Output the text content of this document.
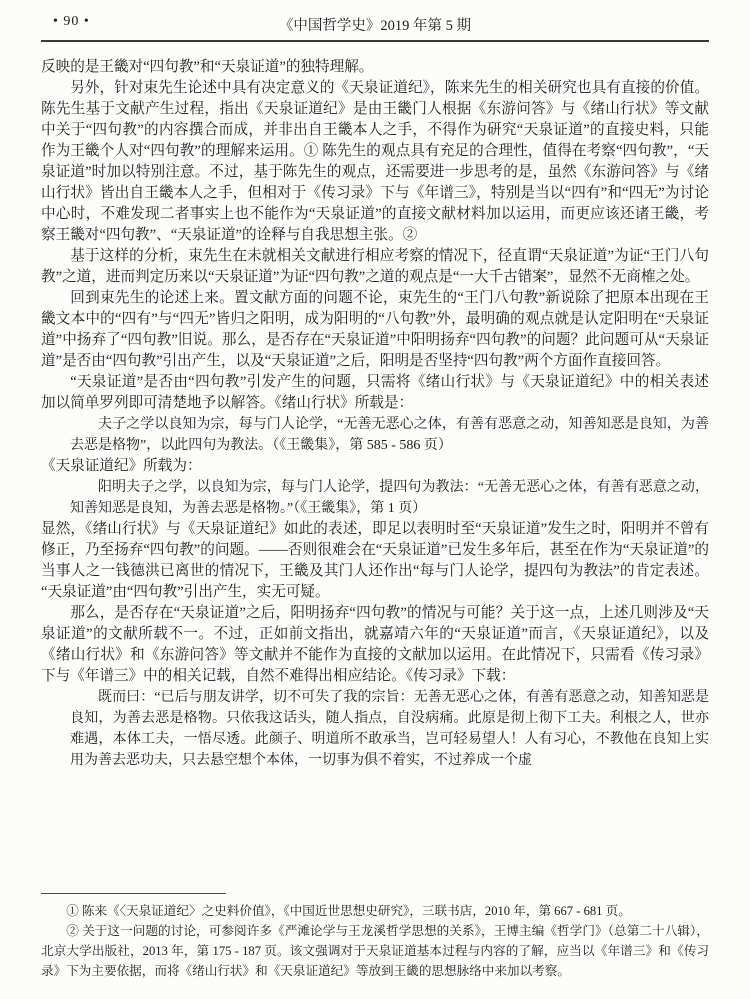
• 90 •	《中国哲学史》2019 年第 5 期

反映的是王畿对“四句教”和“天泉证道”的独特理解。

另外，针对束先生论述中具有决定意义的《天泉证道纪》，陈来先生的相关研究也具有直接的价值。陈先生基于文献产生过程，指出《天泉证道纪》是由王畿门人根据《东游问答》与《绪山行状》等文献中关于“四句教”的内容撰合而成，并非出自王畿本人之手，不得作为研究“天泉证道”的直接史料，只能作为王畿个人对“四句教”的理解来运用。① 陈先生的观点具有充足的合理性，值得在考察“四句教”，“天泉证道”时加以特别注意。不过，基于陈先生的观点，还需要进一步思考的是，虽然《东游问答》与《绪山行状》皆出自王畿本人之手，但相对于《传习录》下与《年谱三》，特别是当以“四有”和“四无”为讨论中心时，不难发现二者事实上也不能作为“天泉证道”的直接文献材料加以运用，而更应该还诸王畿，考察王畿对“四句教”、“天泉证道”的诠释与自我思想主张。②

基于这样的分析，束先生在未就相关文献进行相应考察的情况下，径直谓“天泉证道”为证“王门八句教”之道，进而判定历来以“天泉证道”为证“四句教”之道的观点是“一大千古错案”，显然不无商榷之处。

回到束先生的论述上来。置文献方面的问题不论，束先生的“王门八句教”新说除了把原本出现在王畿文本中的“四有”与“四无”皆归之阳明，成为阳明的“八句教”外，最明确的观点就是认定阳明在“天泉证道”中扬弃了“四句教”旧说。那么，是否存在“天泉证道”中阳明扬弃“四句教”的问题？此问题可从“天泉证道”是否由“四句教”引出产生，以及“天泉证道”之后，阳明是否坚持“四句教”两个方面作直接回答。

“天泉证道”是否由“四句教”引发产生的问题，只需将《绪山行状》与《天泉证道纪》中的相关表述加以简单罗列即可清楚地予以解答。《绪山行状》所载是：

夫子之学以良知为宗，每与门人论学，“无善无恶心之体，有善有恶意之动，知善知恶是良知，为善去恶是格物”，以此四句为教法。（《王畿集》，第 585 - 586 页）

《天泉证道纪》所载为：

阳明夫子之学，以良知为宗，每与门人论学，提四句为教法：“无善无恶心之体，有善有恶意之动，知善知恶是良知，为善去恶是格物。”（《王畿集》，第 1 页）

显然，《绪山行状》与《天泉证道纪》如此的表述，即足以表明时至“天泉证道”发生之时，阳明并不曾有修正，乃至扬弃“四句教”的问题。——否则很难会在“天泉证道”已发生多年后，甚至在作为“天泉证道”的当事人之一钱德洪已离世的情况下，王畿及其门人还作出“每与门人论学，提四句为教法”的肯定表述。“天泉证道”由“四句教”引出产生，实无可疑。

那么，是否存在“天泉证道”之后，阳明扬弃“四句教”的情况与可能？关于这一点，上述几则涉及“天泉证道”的文献所载不一。不过，正如前文指出，就嘉靖六年的“天泉证道”而言，《天泉证道纪》，以及《绪山行状》和《东游问答》等文献并不能作为直接的文献加以运用。在此情况下，只需看《传习录》下与《年谱三》中的相关记载，自然不难得出相应结论。《传习录》下载：

既而曰：“已后与朋友讲学，切不可失了我的宗旨：无善无恶心之体，有善有恶意之动，知善知恶是良知，为善去恶是格物。只依我这话头，随人指点，自没病痛。此原是彻上彻下工夫。利根之人，世亦难遇，本体工夫，一悟尽透。此颜子、明道所不敢承当，岂可轻易望人！人有习心，不教他在良知上实用为善去恶功夫，只去悬空想个本体，一切事为俱不着实，不过养成一个虚

① 陈来《〈天泉证道纪〉之史料价值》，《中国近世思想史研究》，三联书店，2010 年，第 667 - 681 页。

② 关于这一问题的讨论，可参阅许多《严滩论学与王龙溪哲学思想的关系》，王博主编《哲学门》（总第二十八辑），北京大学出版社，2013 年，第 175 - 187 页。该文强调对于天泉证道基本过程与内容的了解，应当以《年谱三》和《传习录》下为主要依据，而将《绪山行状》和《天泉证道纪》等放到王畿的思想脉络中来加以考察。
